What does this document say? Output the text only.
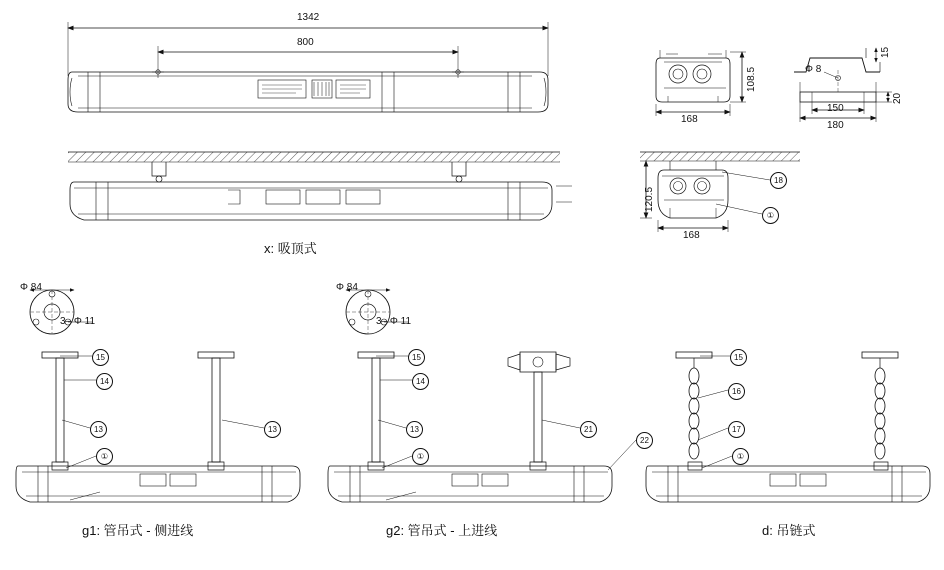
1342
800
168
108.5
120.5
168
150
180
15
20
Φ 8
Φ 84
3– Φ 11
Φ 84
3– Φ 11
18
①
15
14
13
①
13
15
14
13
①
21
22
15
16
17
①
x: 吸顶式
g1: 管吊式 - 侧进线	g2: 管吊式 - 上进线	d: 吊链式
